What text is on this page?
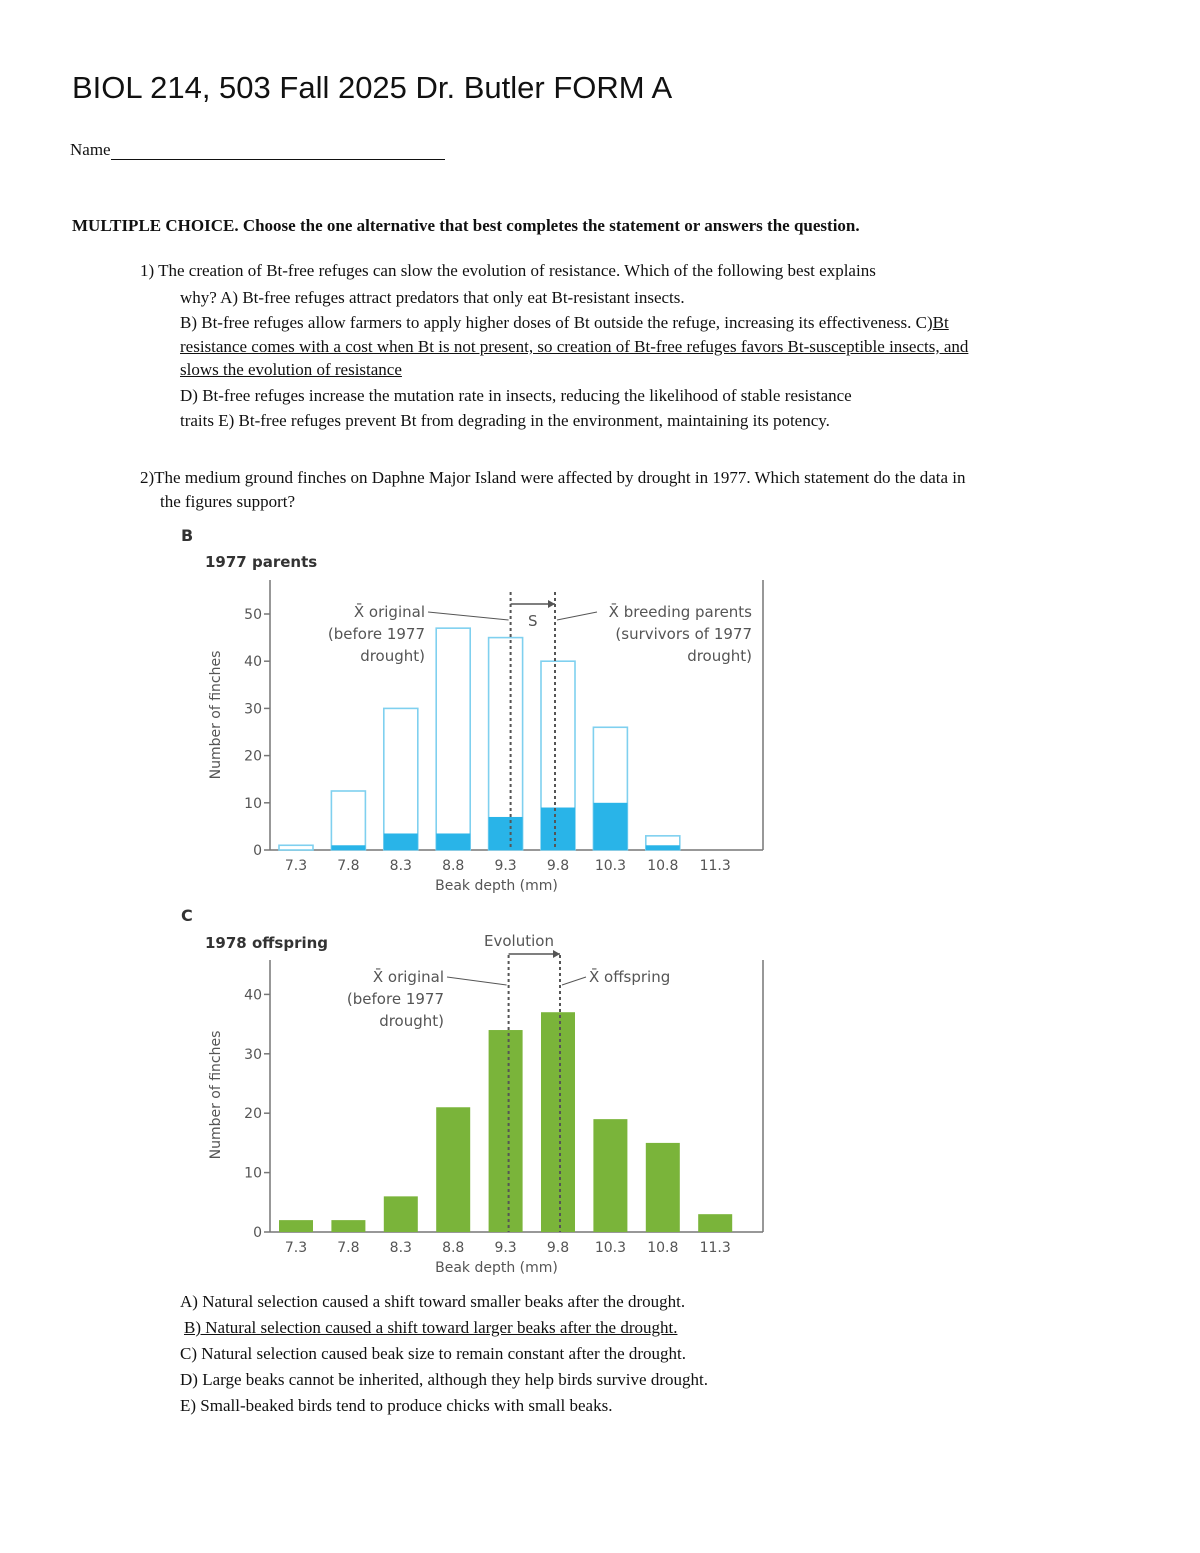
BIOL 214, 503 Fall 2025 Dr. Butler FORM A
Name
MULTIPLE CHOICE. Choose the one alternative that best completes the statement or answers the question.
1) The creation of Bt-free refuges can slow the evolution of resistance. Which of the following best explains
why? A) Bt-free refuges attract predators that only eat Bt-resistant insects.
B) Bt-free refuges allow farmers to apply higher doses of Bt outside the refuge, increasing its effectiveness. C)Bt
resistance comes with a cost when Bt is not present, so creation of Bt-free refuges favors Bt-susceptible insects, and
slows the evolution of resistance
D) Bt-free refuges increase the mutation rate in insects, reducing the likelihood of stable resistance
traits E) Bt-free refuges prevent Bt from degrading in the environment, maintaining its potency.
2)The medium ground finches on Daphne Major Island were affected by drought in 1977. Which statement do the data in
the figures support?
B
1977 parents
0
10
20
30
40
50
7.3 7.8 8.3 8.8 9.3 9.8 10.3 10.8 11.3
Beak depth (mm)
Number of finches
S
X̄ original
(before 1977
drought)
X̄ breeding parents
(survivors of 1977
drought)
C
1978 offspring
0
10
20
30
40
7.3 7.8 8.3 8.8 9.3 9.8 10.3 10.8 11.3
Beak depth (mm)
Number of finches
Evolution
X̄ original
(before 1977
drought)
X̄ offspring
A) Natural selection caused a shift toward smaller beaks after the drought.
B) Natural selection caused a shift toward larger beaks after the drought.
C) Natural selection caused beak size to remain constant after the drought.
D) Large beaks cannot be inherited, although they help birds survive drought.
E) Small-beaked birds tend to produce chicks with small beaks.
